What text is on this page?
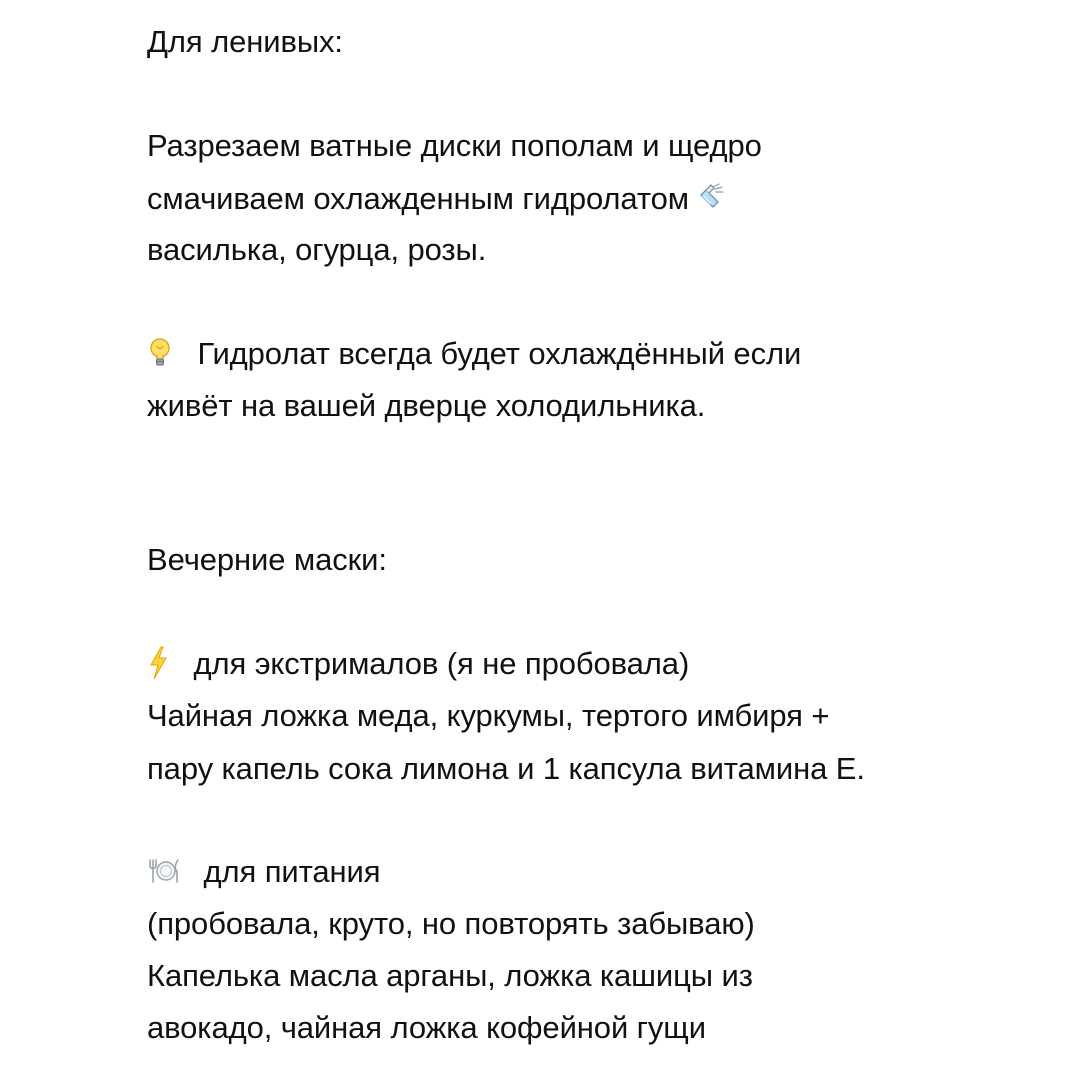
Для ленивых:
Разрезаем ватные диски пополам и щедро
смачиваем охлажденным гидролатом
василька, огурца, розы.
Гидролат всегда будет охлаждённый если
живёт на вашей дверце холодильника.
Вечерние маски:
для экстрималов (я не пробовала)
Чайная ложка меда, куркумы, тертого имбиря +
пару капель сока лимона и 1 капсула витамина Е.
для питания
(пробовала, круто, но повторять забываю)
Капелька масла арганы, ложка кашицы из
авокадо, чайная ложка кофейной гущи
